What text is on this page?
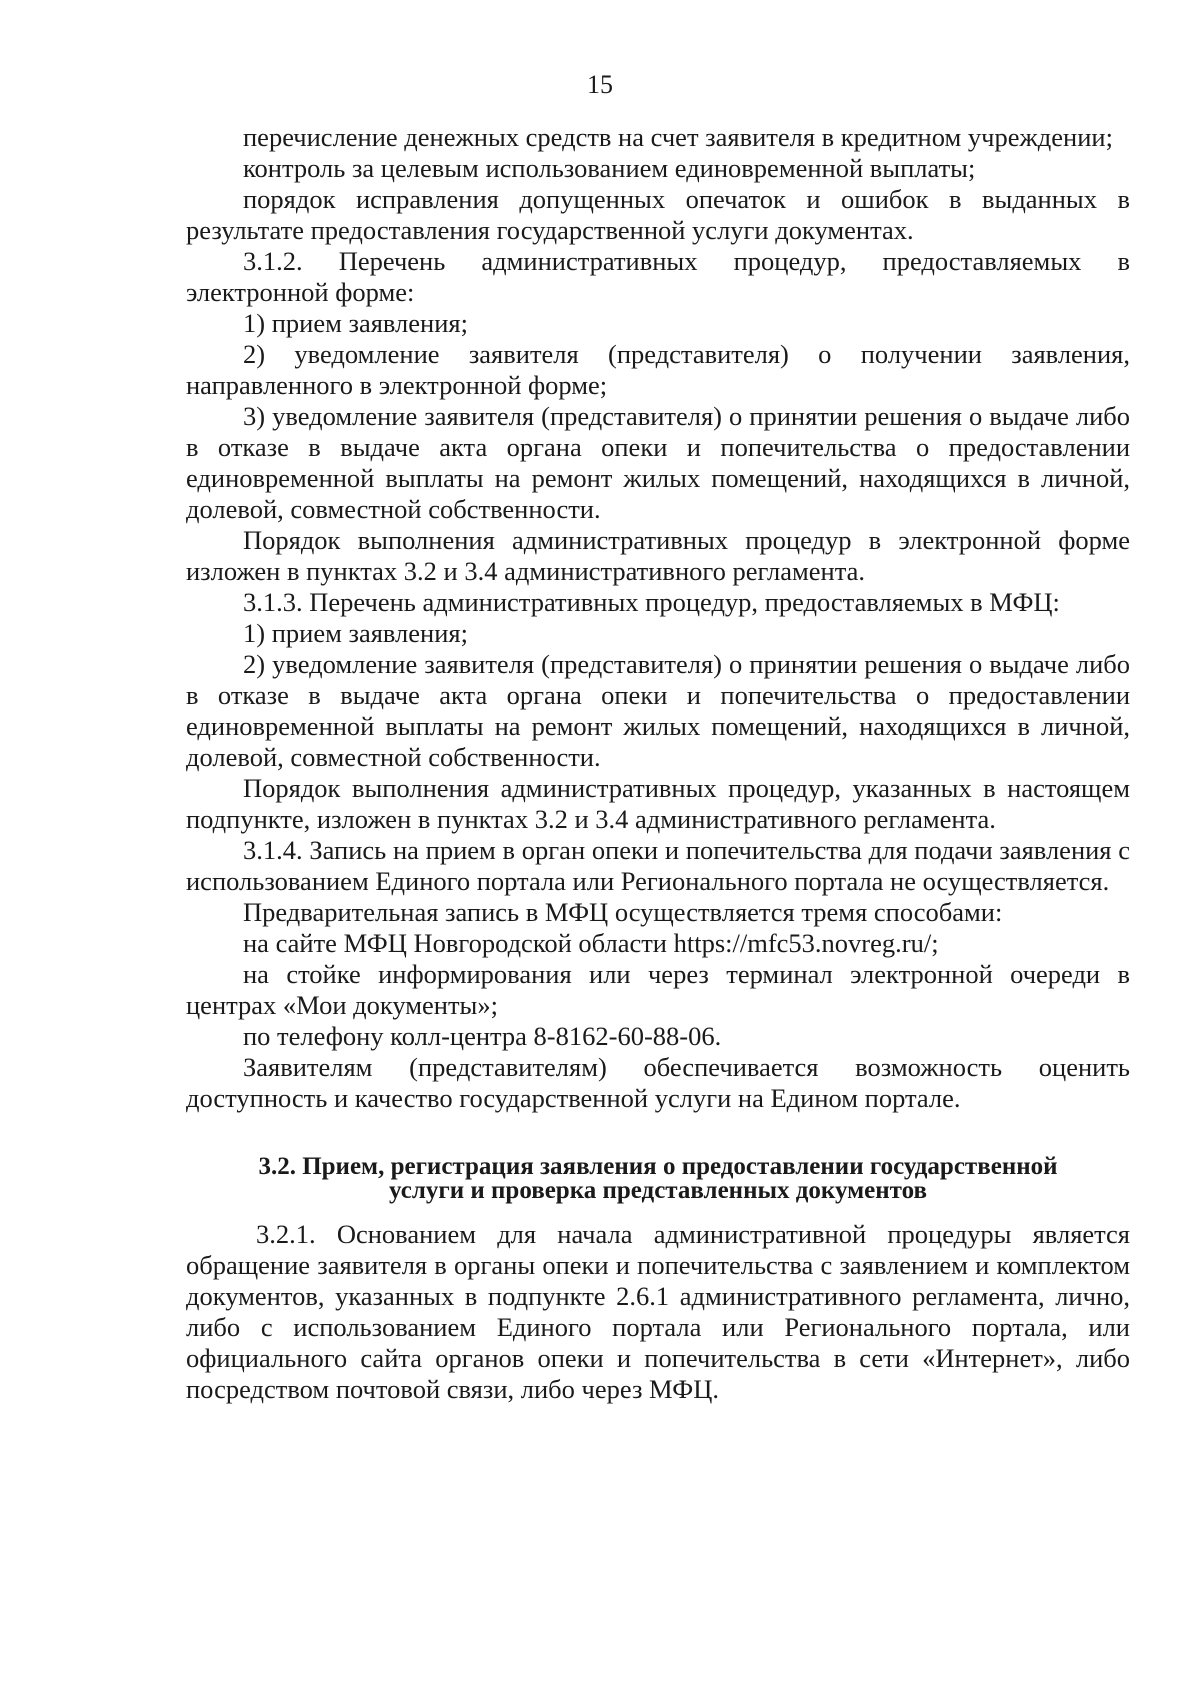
15

перечисление денежных средств на счет заявителя в кредитном учреждении;

контроль за целевым использованием единовременной выплаты;

порядок исправления допущенных опечаток и ошибок в выданных в результате предоставления государственной услуги документах.

3.1.2. Перечень административных процедур, предоставляемых в электронной форме:

1) прием заявления;

2) уведомление заявителя (представителя) о получении заявления, направленного в электронной форме;

3) уведомление заявителя (представителя) о принятии решения о выдаче либо в отказе в выдаче акта органа опеки и попечительства о предоставлении единовременной выплаты на ремонт жилых помещений, находящихся в личной, долевой, совместной собственности.

Порядок выполнения административных процедур в электронной форме изложен в пунктах 3.2 и 3.4 административного регламента.

3.1.3. Перечень административных процедур, предоставляемых в МФЦ:

1) прием заявления;

2) уведомление заявителя (представителя) о принятии решения о выдаче либо в отказе в выдаче акта органа опеки и попечительства о предоставлении единовременной выплаты на ремонт жилых помещений, находящихся в личной, долевой, совместной собственности.

Порядок выполнения административных процедур, указанных в настоящем подпункте, изложен в пунктах 3.2 и 3.4 административного регламента.

3.1.4. Запись на прием в орган опеки и попечительства для подачи заявления с использованием Единого портала или Регионального портала не осуществляется.

Предварительная запись в МФЦ осуществляется тремя способами:

на сайте МФЦ Новгородской области https://mfc53.novreg.ru/;

на стойке информирования или через терминал электронной очереди в центрах «Мои документы»;

по телефону колл-центра 8-8162-60-88-06.

Заявителям (представителям) обеспечивается возможность оценить доступность и качество государственной услуги на Едином портале.

3.2. Прием, регистрация заявления о предоставлении государственной услуги и проверка представленных документов

3.2.1. Основанием для начала административной процедуры является обращение заявителя в органы опеки и попечительства с заявлением и комплектом документов, указанных в подпункте 2.6.1 административного регламента, лично, либо с использованием Единого портала или Регионального портала, или официального сайта органов опеки и попечительства в сети «Интернет», либо посредством почтовой связи, либо через МФЦ.
